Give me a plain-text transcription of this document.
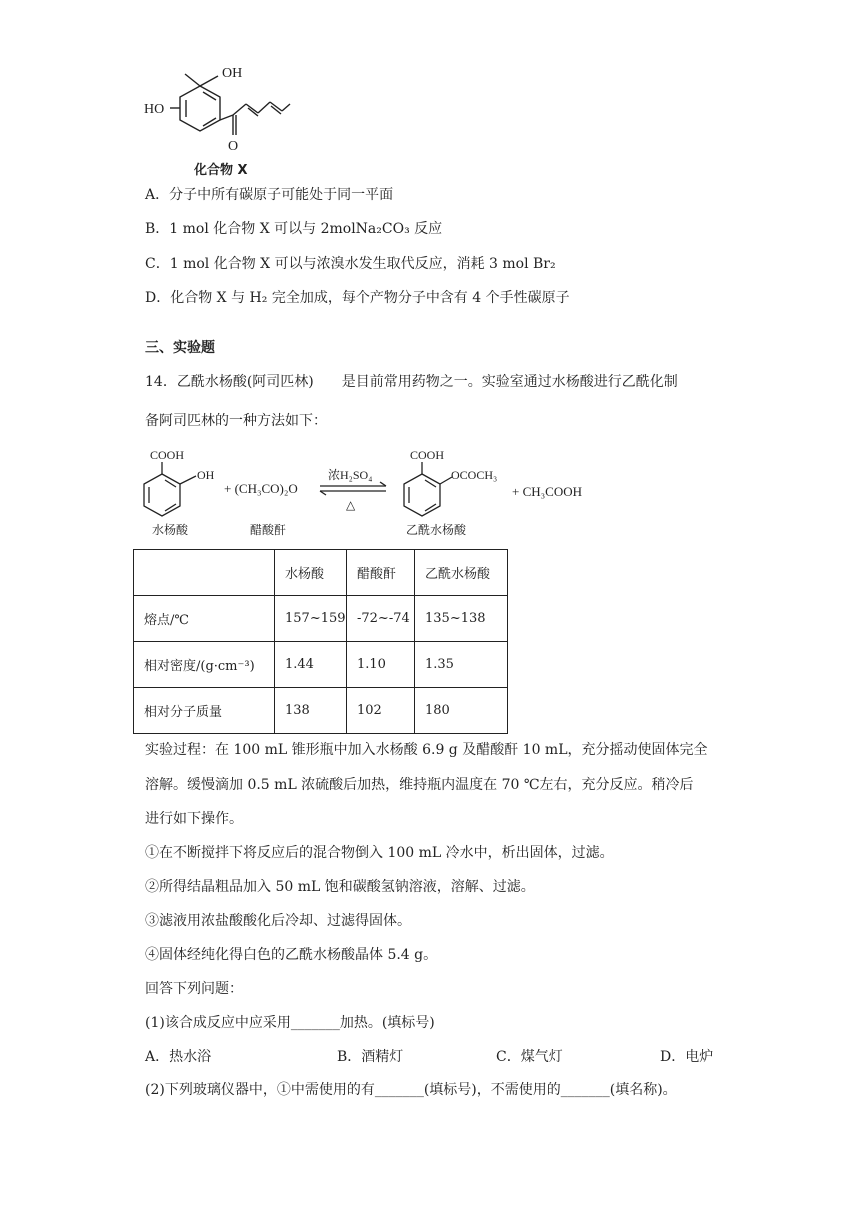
OH
HO
O
化合物 X
A．分子中所有碳原子可能处于同一平面
B．1 mol 化合物 X 可以与 2molNa₂CO₃ 反应
C．1 mol 化合物 X 可以与浓溴水发生取代反应，消耗 3 mol Br₂
D．化合物 X 与 H₂ 完全加成，每个产物分子中含有 4 个手性碳原子
三、实验题
14．乙酰水杨酸(阿司匹林)　　是目前常用药物之一。实验室通过水杨酸进行乙酰化制
备阿司匹林的一种方法如下：
COOH
OH
水杨酸
+ (CH₃CO)₂O
醋酸酐
浓H₂SO₄
△
COOH
OCOCH₃
乙酰水杨酸
+ CH₃COOH
	水杨酸	醋酸酐	乙酰水杨酸
熔点/℃	157~159	-72~-74	135~138
相对密度/(g·cm⁻³)	1.44	1.10	1.35
相对分子质量	138	102	180
实验过程：在 100 mL 锥形瓶中加入水杨酸 6.9 g 及醋酸酐 10 mL，充分摇动使固体完全
溶解。缓慢滴加 0.5 mL 浓硫酸后加热，维持瓶内温度在 70 ℃左右，充分反应。稍冷后
进行如下操作。
①在不断搅拌下将反应后的混合物倒入 100 mL 冷水中，析出固体，过滤。
②所得结晶粗品加入 50 mL 饱和碳酸氢钠溶液，溶解、过滤。
③滤液用浓盐酸酸化后冷却、过滤得固体。
④固体经纯化得白色的乙酰水杨酸晶体 5.4 g。
回答下列问题：
(1)该合成反应中应采用_______加热。(填标号)
A．热水浴	B．酒精灯	C．煤气灯	D．电炉
(2)下列玻璃仪器中，①中需使用的有_______(填标号)，不需使用的_______(填名称)。
